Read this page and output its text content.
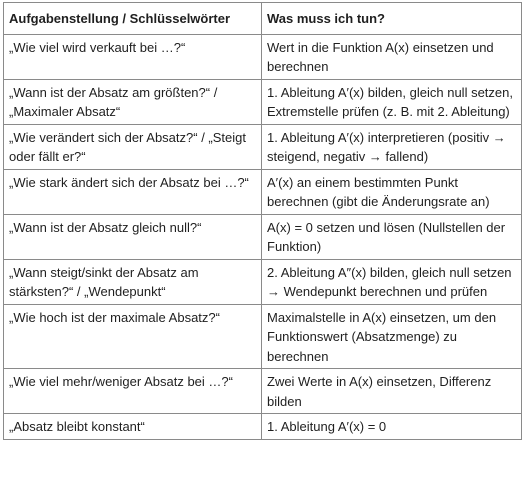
Aufgabenstellung / Schlüsselwörter	Was muss ich tun?
„Wie viel wird verkauft bei …?“	Wert in die Funktion A(x) einsetzen und berechnen
„Wann ist der Absatz am größten?“ / „Maximaler Absatz“	1. Ableitung A′(x) bilden, gleich null setzen, Extremstelle prüfen (z. B. mit 2. Ableitung)
„Wie verändert sich der Absatz?“ / „Steigt oder fällt er?“	1. Ableitung A′(x) interpretieren (positiv → steigend, negativ → fallend)
„Wie stark ändert sich der Absatz bei …?“	A′(x) an einem bestimmten Punkt berechnen (gibt die Änderungsrate an)
„Wann ist der Absatz gleich null?“	A(x) = 0 setzen und lösen (Nullstellen der Funktion)
„Wann steigt/sinkt der Absatz am stärksten?“ / „Wendepunkt“	2. Ableitung A″(x) bilden, gleich null setzen → Wendepunkt berechnen und prüfen
„Wie hoch ist der maximale Absatz?“	Maximalstelle in A(x) einsetzen, um den Funktionswert (Absatzmenge) zu berechnen
„Wie viel mehr/weniger Absatz bei …?“	Zwei Werte in A(x) einsetzen, Differenz bilden
„Absatz bleibt konstant“	1. Ableitung A′(x) = 0
